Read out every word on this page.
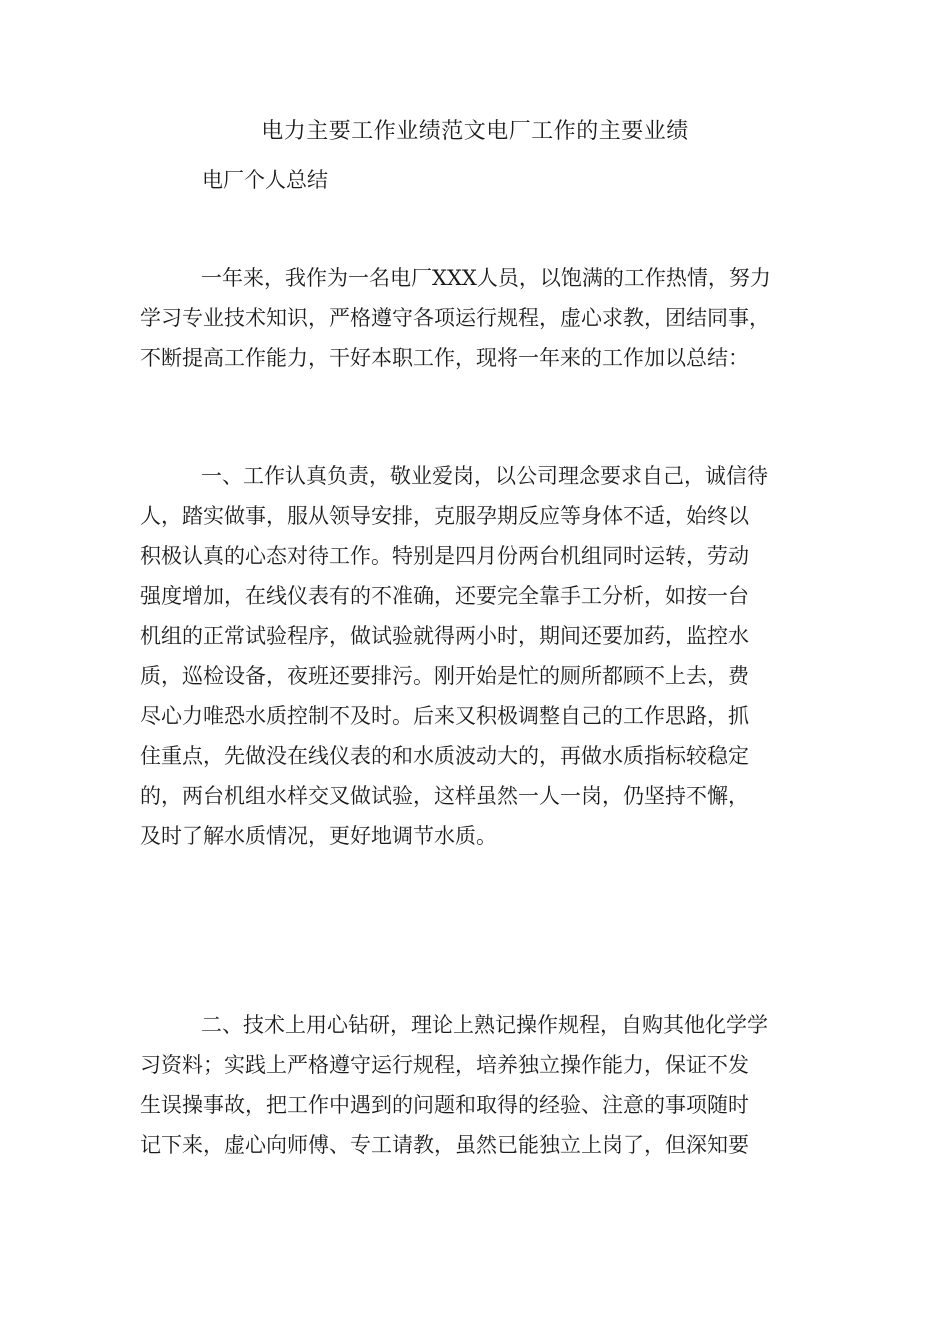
电力主要工作业绩范文电厂工作的主要业绩
电厂个人总结
一年来，我作为一名电厂XXX人员，以饱满的工作热情，努力
学习专业技术知识，严格遵守各项运行规程，虚心求教，团结同事，
不断提高工作能力，干好本职工作，现将一年来的工作加以总结：
一、工作认真负责，敬业爱岗，以公司理念要求自己，诚信待
人，踏实做事，服从领导安排，克服孕期反应等身体不适，始终以
积极认真的心态对待工作。特别是四月份两台机组同时运转，劳动
强度增加，在线仪表有的不准确，还要完全靠手工分析，如按一台
机组的正常试验程序，做试验就得两小时，期间还要加药，监控水
质，巡检设备，夜班还要排污。刚开始是忙的厕所都顾不上去，费
尽心力唯恐水质控制不及时。后来又积极调整自己的工作思路，抓
住重点，先做没在线仪表的和水质波动大的，再做水质指标较稳定
的，两台机组水样交叉做试验，这样虽然一人一岗，仍坚持不懈，
及时了解水质情况，更好地调节水质。
二、技术上用心钻研，理论上熟记操作规程，自购其他化学学
习资料；实践上严格遵守运行规程，培养独立操作能力，保证不发
生误操事故，把工作中遇到的问题和取得的经验、注意的事项随时
记下来，虚心向师傅、专工请教，虽然已能独立上岗了，但深知要
